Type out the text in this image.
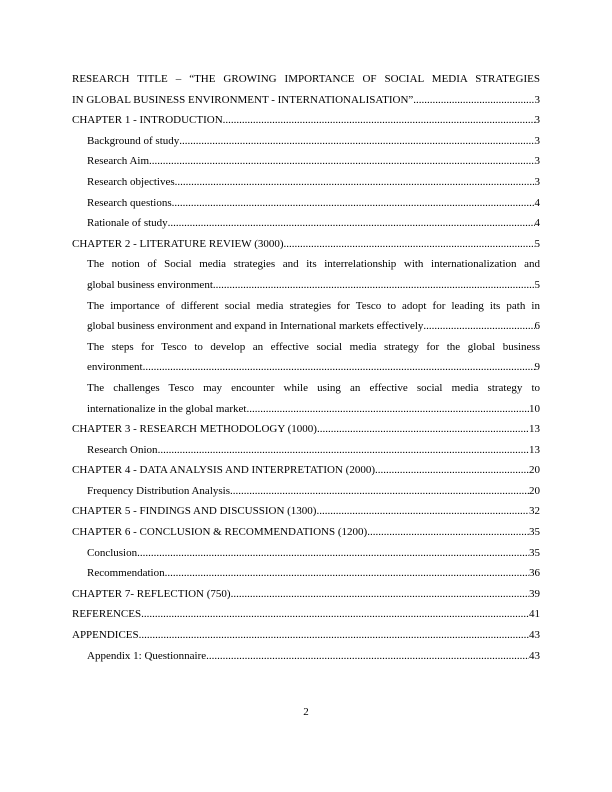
RESEARCH TITLE – “THE GROWING IMPORTANCE OF SOCIAL MEDIA STRATEGIES
IN GLOBAL BUSINESS ENVIRONMENT - INTERNATIONALISATION” .....	3
CHAPTER 1 - INTRODUCTION .....	3
Background of study .....	3
Research Aim .....	3
Research objectives .....	3
Research questions .....	4
Rationale of study .....	4
CHAPTER 2 - LITERATURE REVIEW (3000) .....	5
The notion of Social media strategies and its interrelationship with internationalization and
global business environment .....	5
The importance of different social media strategies for Tesco to adopt for leading its path in
global business environment and expand in International markets effectively .....	6
The steps for Tesco to develop an effective social media strategy for the global business
environment .....	9
The challenges Tesco may encounter while using an effective social media strategy to
internationalize in the global market .....	10
CHAPTER 3 - RESEARCH METHODOLOGY (1000) .....	13
Research Onion .....	13
CHAPTER 4 - DATA ANALYSIS AND INTERPRETATION (2000) .....	20
Frequency Distribution Analysis .....	20
CHAPTER 5 - FINDINGS AND DISCUSSION (1300) .....	32
CHAPTER 6 - CONCLUSION & RECOMMENDATIONS (1200) .....	35
Conclusion .....	35
Recommendation .....	36
CHAPTER 7- REFLECTION (750) .....	39
REFERENCES .....	41
APPENDICES .....	43
Appendix 1: Questionnaire .....	43
2
